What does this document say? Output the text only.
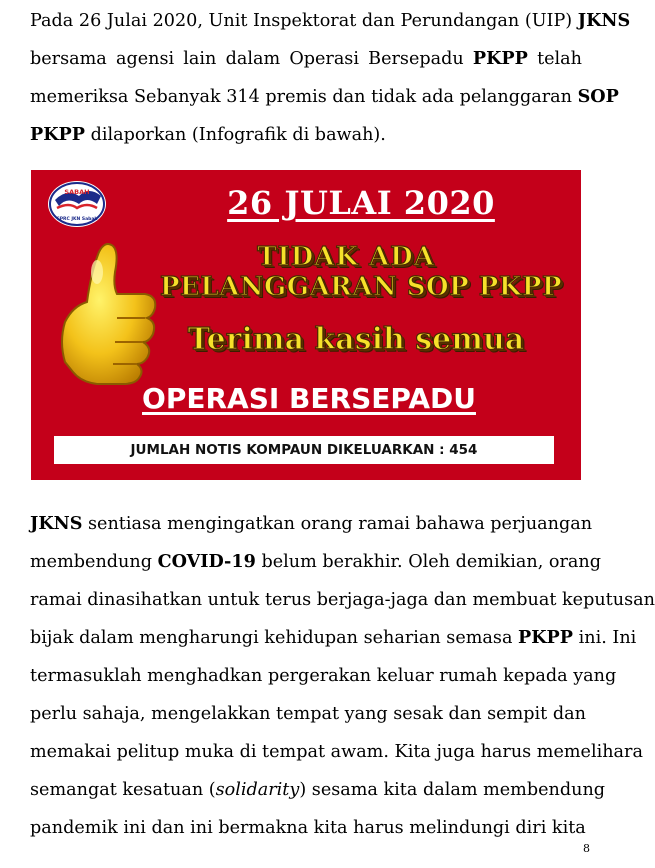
Pada 26 Julai 2020, Unit Inspektorat dan Perundangan (UIP) JKNS
bersama agensi lain dalam Operasi Bersepadu PKPP telah
memeriksa Sebanyak 314 premis dan tidak ada pelanggaran SOP
PKPP dilaporkan (Infografik di bawah).
SABAH
CPRC JKN Sabah	26 JULAI 2020
TIDAK ADA
PELANGGARAN SOP PKPP
Terima kasih semua
OPERASI BERSEPADU
JUMLAH NOTIS KOMPAUN DIKELUARKAN : 454
JKNS sentiasa mengingatkan orang ramai bahawa perjuangan
membendung COVID-19 belum berakhir. Oleh demikian, orang
ramai dinasihatkan untuk terus berjaga-jaga dan membuat keputusan
bijak dalam mengharungi kehidupan seharian semasa PKPP ini. Ini
termasuklah menghadkan pergerakan keluar rumah kepada yang
perlu sahaja, mengelakkan tempat yang sesak dan sempit dan
memakai pelitup muka di tempat awam. Kita juga harus memelihara
semangat kesatuan (solidarity) sesama kita dalam membendung
pandemik ini dan ini bermakna kita harus melindungi diri kita
8
